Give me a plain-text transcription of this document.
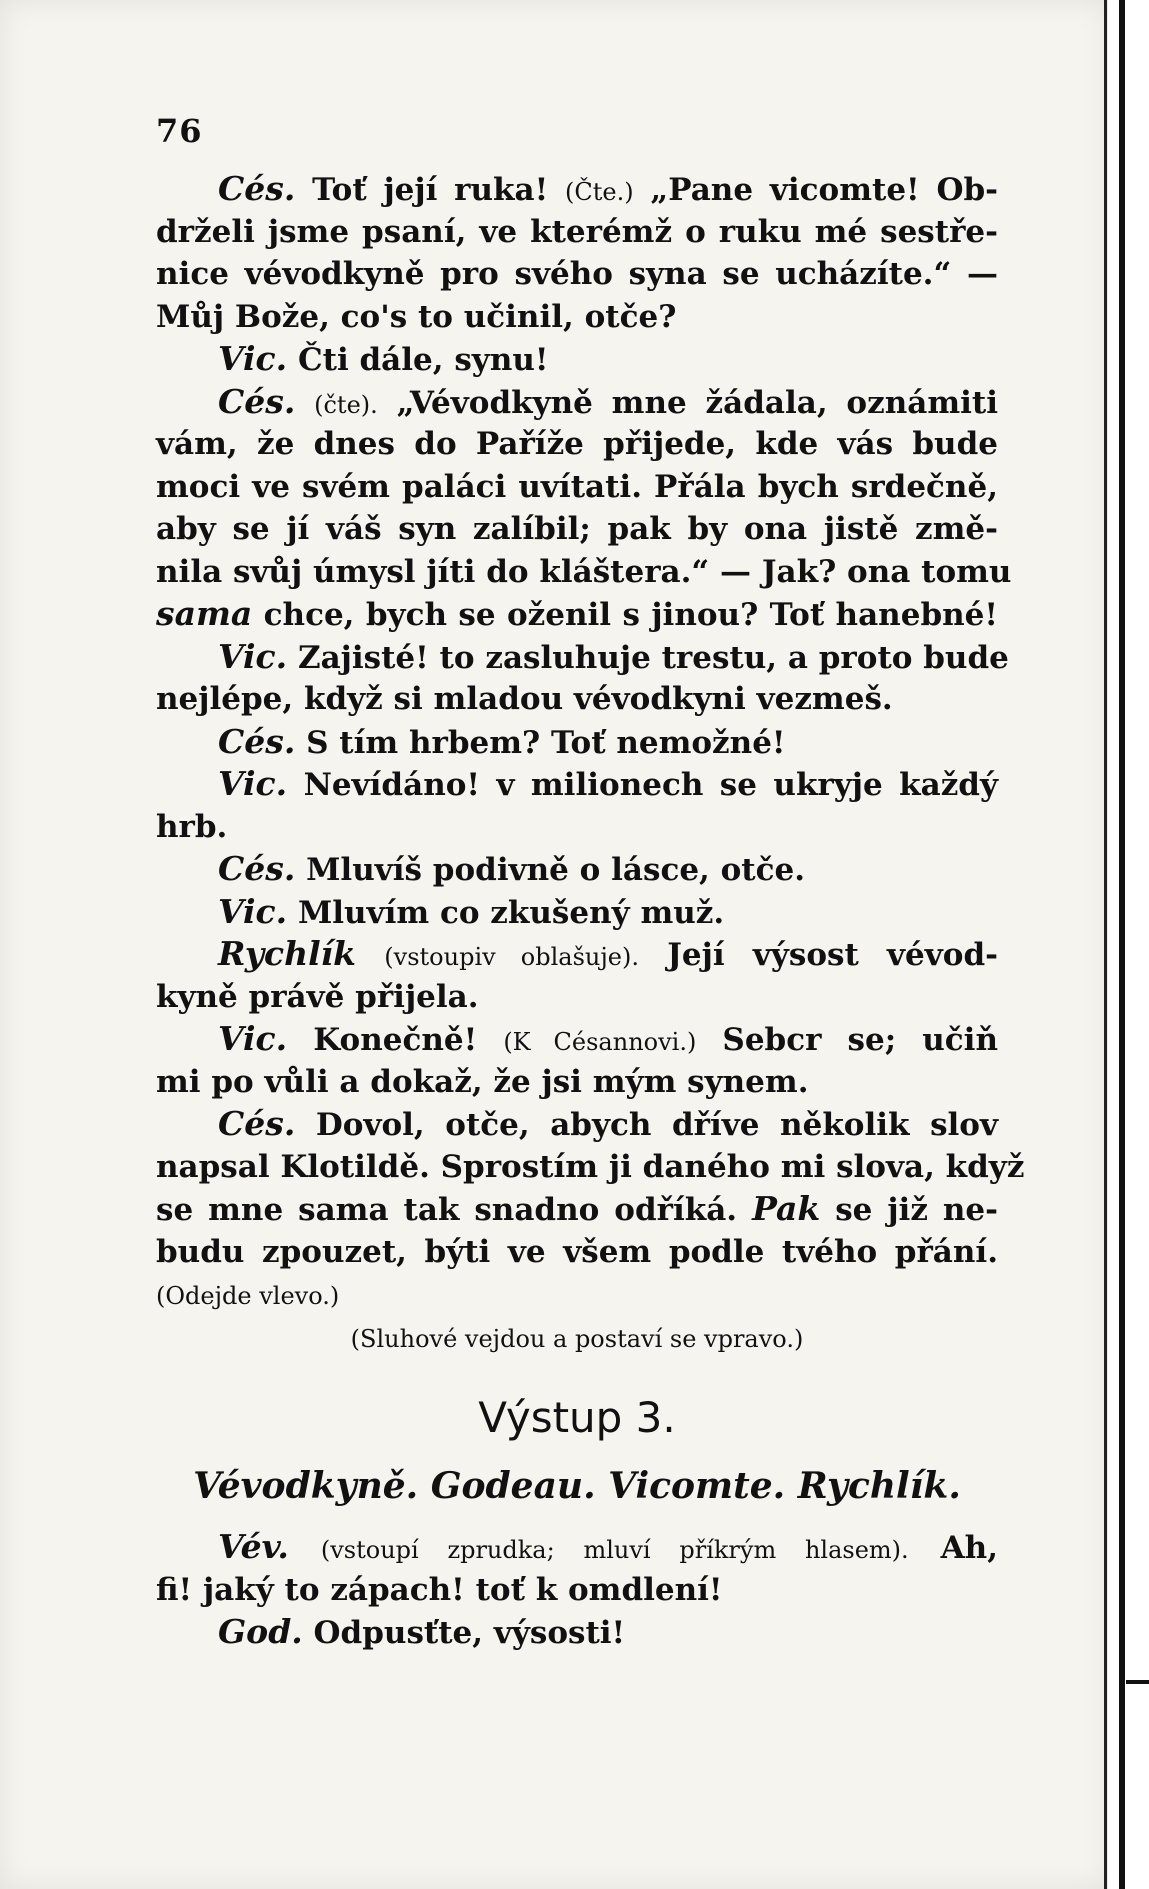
76
Cés. Toť její ruka! (Čte.) „Pane vicomte! Ob-
drželi jsme psaní, ve kterémž o ruku mé sestře-
nice vévodkyně pro svého syna se ucházíte.“ —
Můj Bože, co's to učinil, otče?
Vic. Čti dále, synu!
Cés. (čte). „Vévodkyně mne žádala, oznámiti
vám, že dnes do Paříže přijede, kde vás bude
moci ve svém paláci uvítati. Přála bych srdečně,
aby se jí váš syn zalíbil; pak by ona jistě změ-
nila svůj úmysl jíti do kláštera.“ — Jak? ona tomu
sama chce, bych se oženil s jinou? Toť hanebné!
Vic. Zajisté! to zasluhuje trestu, a proto bude
nejlépe, když si mladou vévodkyni vezmeš.
Cés. S tím hrbem? Toť nemožné!
Vic. Nevídáno! v milionech se ukryje každý
hrb.
Cés. Mluvíš podivně o lásce, otče.
Vic. Mluvím co zkušený muž.
Rychlík (vstoupiv oblašuje). Její výsost vévod-
kyně právě přijela.
Vic. Konečně! (K Césannovi.) Sebcr se; učiň
mi po vůli a dokaž, že jsi mým synem.
Cés. Dovol, otče, abych dříve několik slov
napsal Klotildě. Sprostím ji daného mi slova, když
se mne sama tak snadno odříká. Pak se již ne-
budu zpouzet, býti ve všem podle tvého přání.
(Odejde vlevo.)
(Sluhové vejdou a postaví se vpravo.)
Výstup 3.
Vévodkyně. Godeau. Vicomte. Rychlík.
Vév. (vstoupí zprudka; mluví příkrým hlasem). Ah,
fi! jaký to zápach! toť k omdlení!
God. Odpusťte, výsosti!
